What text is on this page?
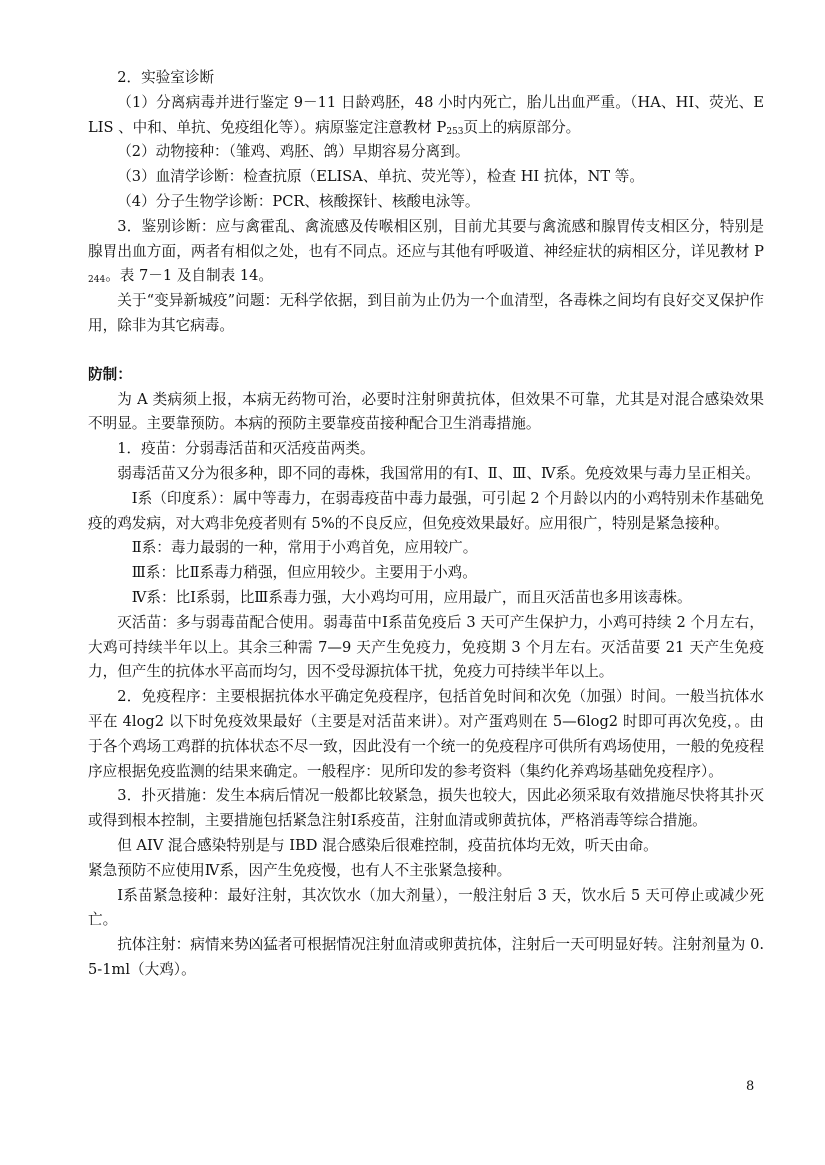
2．实验室诊断

（1）分离病毒并进行鉴定 9－11 日龄鸡胚，48 小时内死亡，胎儿出血严重。（HA、HI、荧光、ELIS 、中和、单抗、免疫组化等）。病原鉴定注意教材 $P_{253}$页上的病原部分。

（2）动物接种：（雏鸡、鸡胚、鸽）早期容易分离到。

（3）血清学诊断：检查抗原（ELISA、单抗、荧光等），检查 HI 抗体，NT 等。

（4）分子生物学诊断：PCR、核酸探针、核酸电泳等。

3．鉴别诊断：应与禽霍乱、禽流感及传喉相区别，目前尤其要与禽流感和腺胃传支相区分，特别是腺胃出血方面，两者有相似之处，也有不同点。还应与其他有呼吸道、神经症状的病相区分，详见教材 $P_{244}$。表 7－1 及自制表 14。

关于“变异新城疫”问题：无科学依据，到目前为止仍为一个血清型，各毒株之间均有良好交叉保护作用，除非为其它病毒。

防制：

为 A 类病须上报，本病无药物可治，必要时注射卵黄抗体，但效果不可靠，尤其是对混合感染效果不明显。主要靠预防。本病的预防主要靠疫苗接种配合卫生消毒措施。

1．疫苗：分弱毒活苗和灭活疫苗两类。

弱毒活苗又分为很多种，即不同的毒株，我国常用的有Ⅰ、Ⅱ、Ⅲ、Ⅳ系。免疫效果与毒力呈正相关。

Ⅰ系（印度系）：属中等毒力，在弱毒疫苗中毒力最强，可引起 2 个月龄以内的小鸡特别未作基础免疫的鸡发病，对大鸡非免疫者则有 5%的不良反应，但免疫效果最好。应用很广，特别是紧急接种。

Ⅱ系：毒力最弱的一种，常用于小鸡首免，应用较广。

Ⅲ系：比Ⅱ系毒力稍强，但应用较少。主要用于小鸡。

Ⅳ系：比Ⅰ系弱，比Ⅲ系毒力强，大小鸡均可用，应用最广，而且灭活苗也多用该毒株。

灭活苗：多与弱毒苗配合使用。弱毒苗中Ⅰ系苗免疫后 3 天可产生保护力，小鸡可持续 2 个月左右，大鸡可持续半年以上。其余三种需 7—9 天产生免疫力，免疫期 3 个月左右。灭活苗要 21 天产生免疫力，但产生的抗体水平高而均匀，因不受母源抗体干扰，免疫力可持续半年以上。

2．免疫程序：主要根据抗体水平确定免疫程序，包括首免时间和次免（加强）时间。一般当抗体水平在 4log2 以下时免疫效果最好（主要是对活苗来讲）。对产蛋鸡则在 5—6log2 时即可再次免疫，。由于各个鸡场工鸡群的抗体状态不尽一致，因此没有一个统一的免疫程序可供所有鸡场使用，一般的免疫程序应根据免疫监测的结果来确定。一般程序：见所印发的参考资料（集约化养鸡场基础免疫程序）。

3．扑灭措施：发生本病后情况一般都比较紧急，损失也较大，因此必须采取有效措施尽快将其扑灭或得到根本控制，主要措施包括紧急注射Ⅰ系疫苗，注射血清或卵黄抗体，严格消毒等综合措施。

但 AIV 混合感染特别是与 IBD 混合感染后很难控制，疫苗抗体均无效，听天由命。

紧急预防不应使用Ⅳ系，因产生免疫慢，也有人不主张紧急接种。

Ⅰ系苗紧急接种：最好注射，其次饮水（加大剂量），一般注射后 3 天，饮水后 5 天可停止或减少死亡。

抗体注射：病情来势凶猛者可根据情况注射血清或卵黄抗体，注射后一天可明显好转。注射剂量为 0.5-1ml（大鸡）。

8
